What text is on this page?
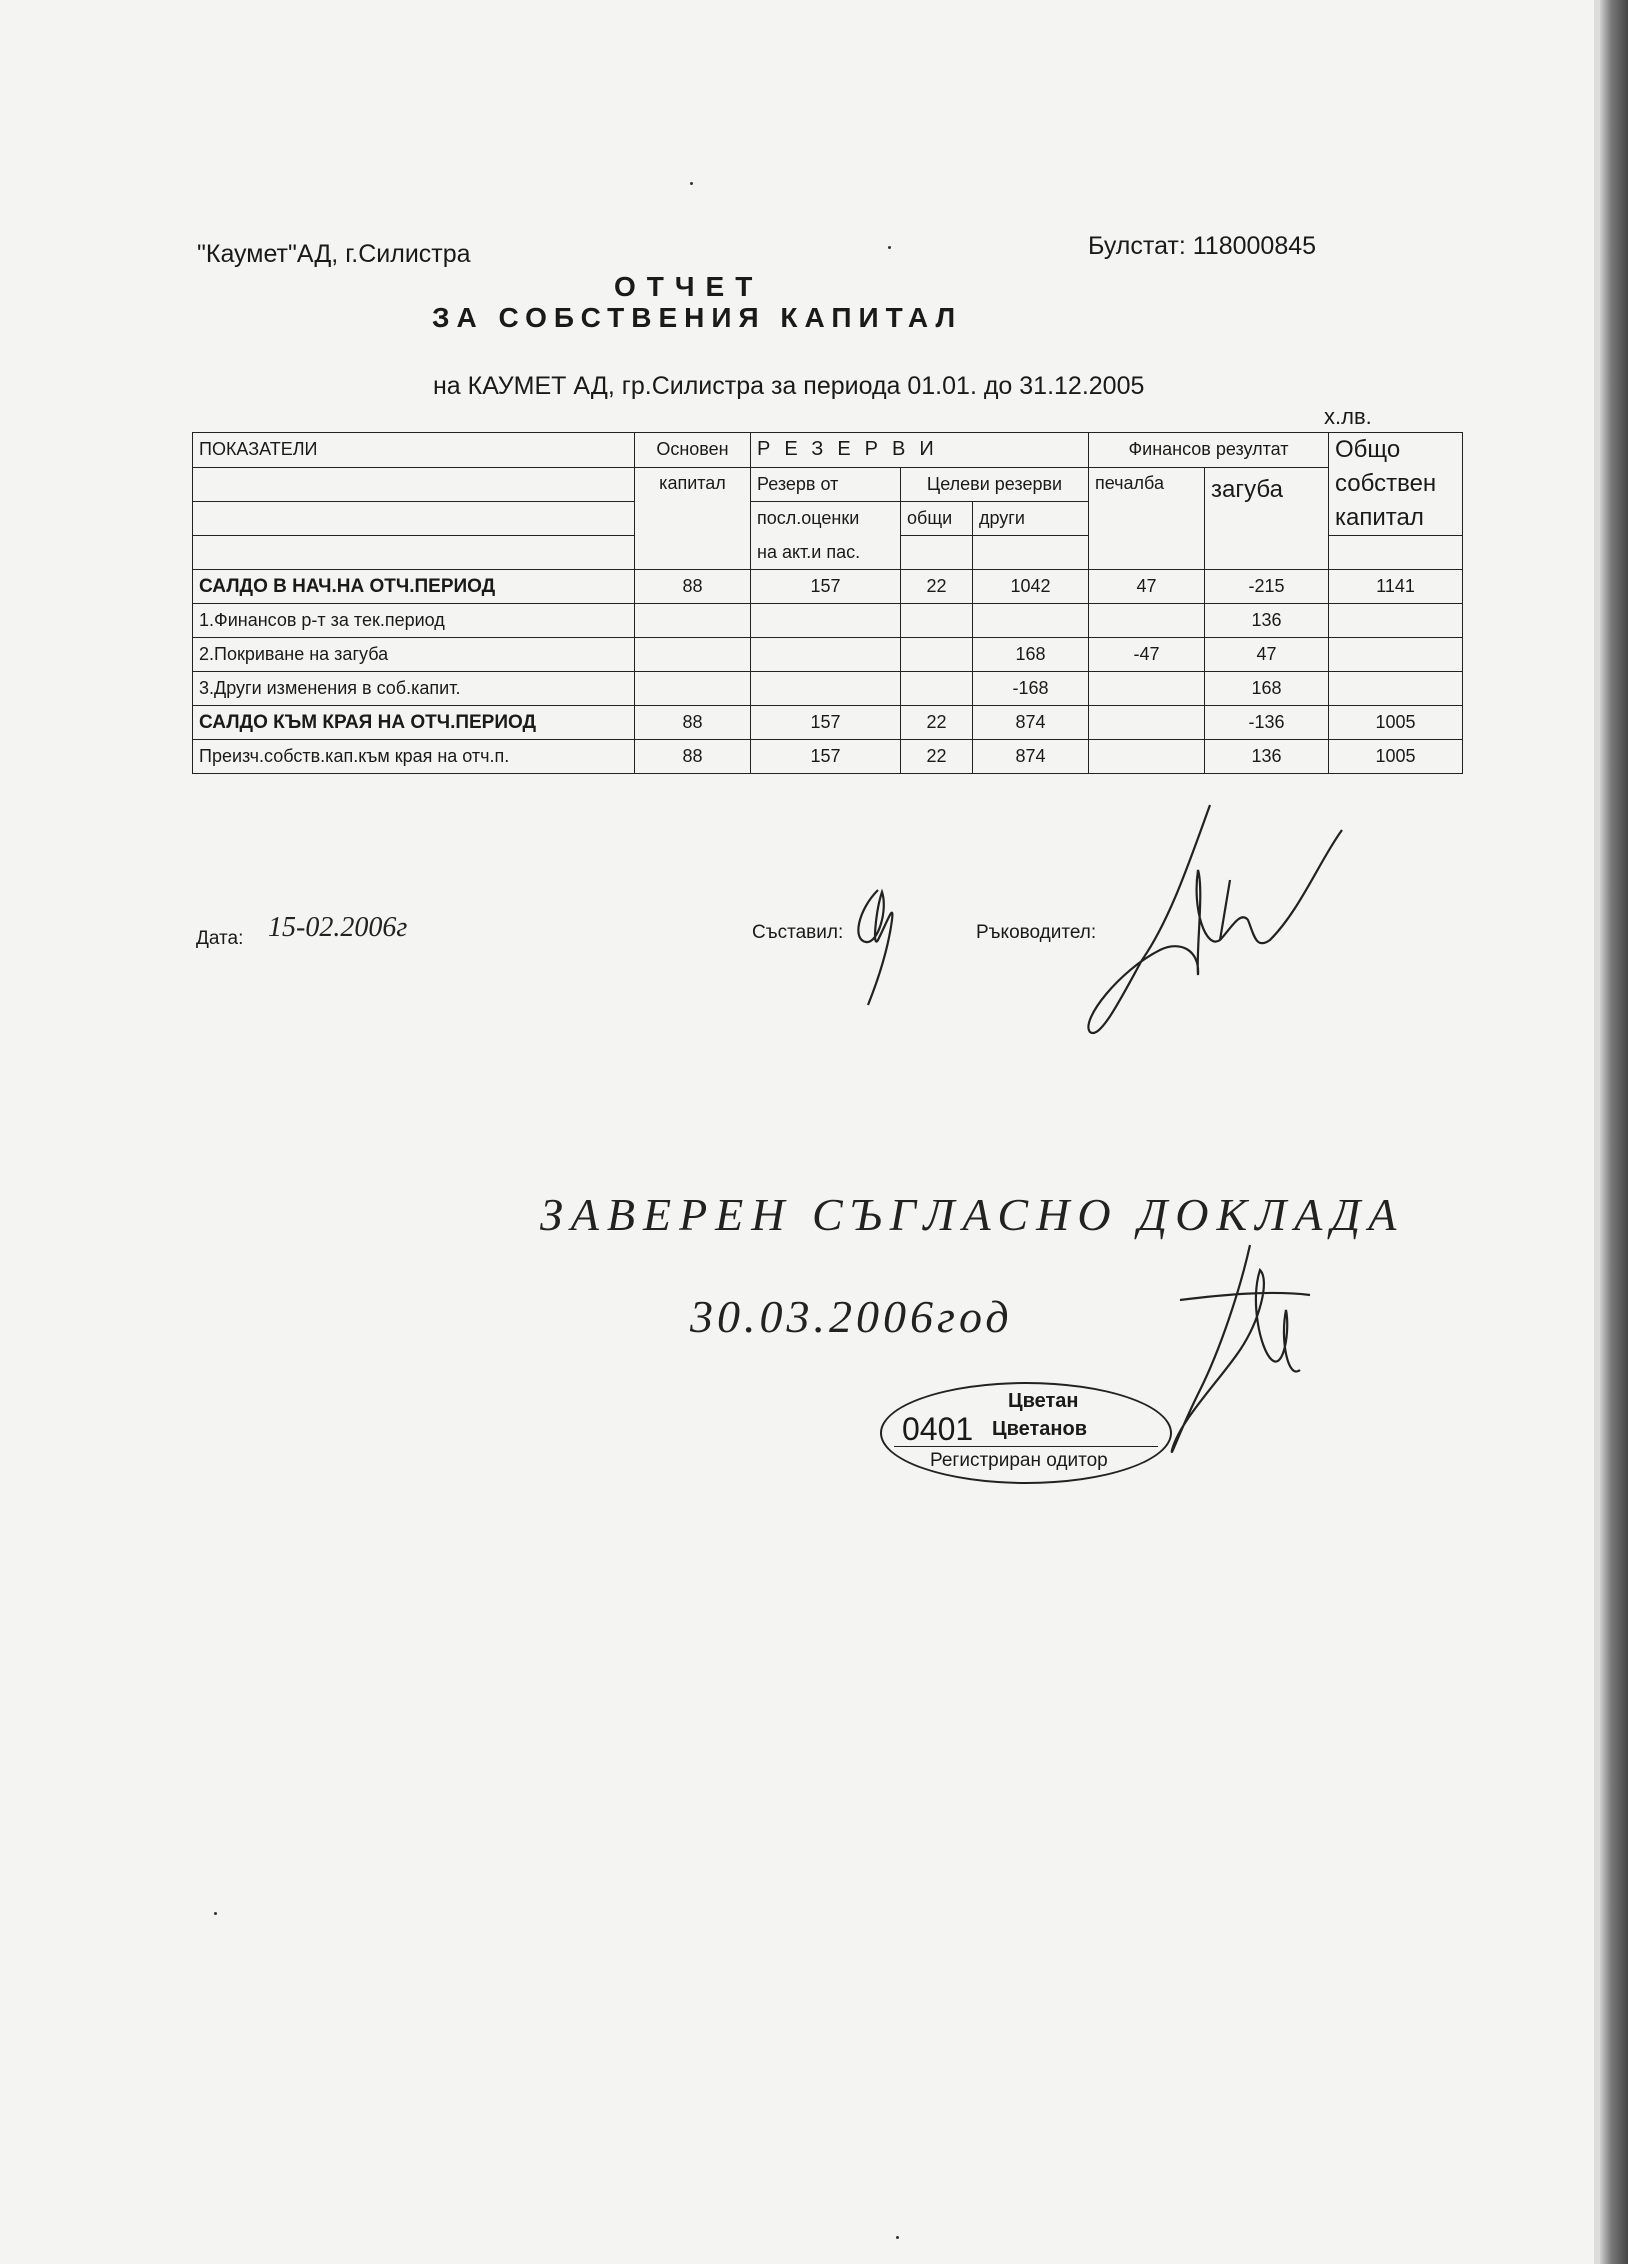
"Каумет"АД, г.Силистра	Булстат: 118000845
ОТЧЕТ
ЗА СОБСТВЕНИЯ КАПИТАЛ
на КАУМЕТ АД, гр.Силистра за периода 01.01. до 31.12.2005
х.лв.
ПОКАЗАТЕЛИ	Основен	РЕЗЕРВИ			Финансов резултат		Общо
	капитал	Резерв от	Целеви резерви		печалба	загуба	собствен
		посл.оценки	общи	други			капитал
		на акт.и пас.					
САЛДО В НАЧ.НА ОТЧ.ПЕРИОД	88	157	22	1042	47	-215	1141
1.Финансов р-т за тек.период						136	
2.Покриване на загуба				168	-47	47	
3.Други изменения в соб.капит.				-168		168	
САЛДО КЪМ КРАЯ НА ОТЧ.ПЕРИОД	88	157	22	874		-136	1005
Преизч.собств.кап.към края на отч.п.	88	157	22	874		136	1005
Дата: 15-02.2006г	Съставил:	Ръководител:
ЗАВЕРЕН СЪГЛАСНО ДОКЛАДА
30.03.2006год
0401
Цветан
Цветанов
Регистриран одитор
